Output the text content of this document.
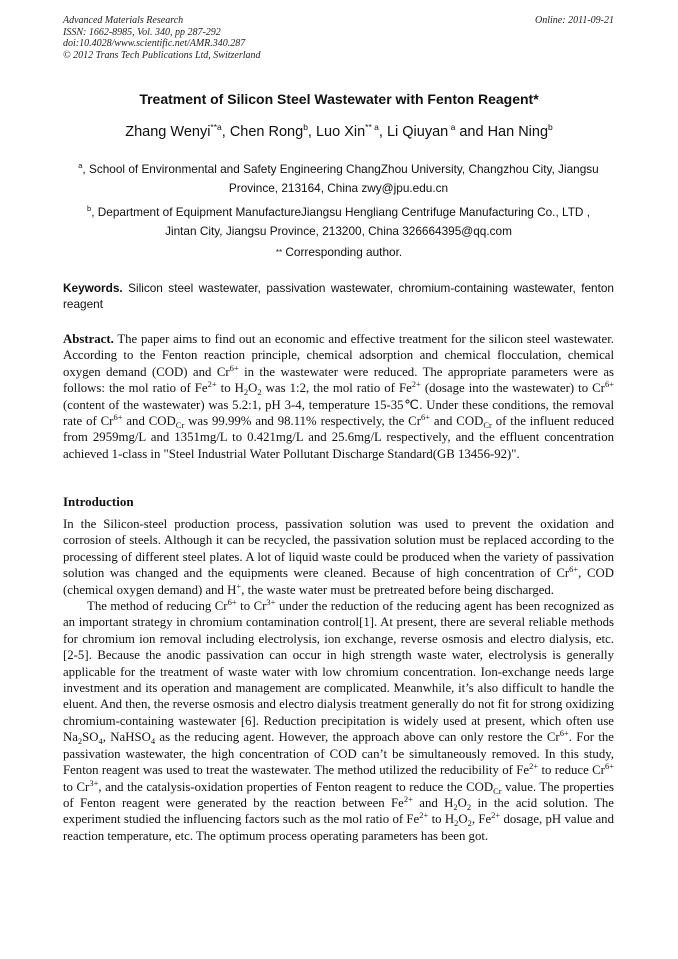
Advanced Materials Research
ISSN: 1662-8985, Vol. 340, pp 287-292
doi:10.4028/www.scientific.net/AMR.340.287
© 2012 Trans Tech Publications Ltd, Switzerland
Online: 2011-09-21
Treatment of Silicon Steel Wastewater with Fenton Reagent*
Zhang Wenyi$^{**a}$, Chen Rong$^b$, Luo Xin$^{** a}$, Li Qiuyan $^a$ and Han Ning$^b$
$^a$, School of Environmental and Safety Engineering ChangZhou University, Changzhou City, Jiangsu
Province, 213164, China zwy@jpu.edu.cn
$^b$, Department of Equipment ManufactureJiangsu Hengliang Centrifuge Manufacturing Co., LTD ,
Jintan City, Jiangsu Province, 213200, China 326664395@qq.com
** Corresponding author.
Keywords. Silicon steel wastewater, passivation wastewater, chromium-containing wastewater, fenton reagent

Abstract. The paper aims to find out an economic and effective treatment for the silicon steel wastewater. According to the Fenton reaction principle, chemical adsorption and chemical flocculation, chemical oxygen demand (COD) and $Cr^{6+}$ in the wastewater were reduced. The appropriate parameters were as follows: the mol ratio of $Fe^{2+}$ to $H_2O_2$ was 1:2, the mol ratio of $Fe^{2+}$ (dosage into the wastewater) to $Cr^{6+}$ (content of the wastewater) was 5.2:1, pH 3-4, temperature 15-35℃. Under these conditions, the removal rate of $Cr^{6+}$ and $COD_{Cr}$ was 99.99% and 98.11% respectively, the $Cr^{6+}$ and $COD_{Cr}$ of the influent reduced from 2959mg/L and 1351mg/L to 0.421mg/L and 25.6mg/L respectively, and the effluent concentration achieved 1-class in "Steel Industrial Water Pollutant Discharge Standard(GB 13456-92)".

Introduction

In the Silicon-steel production process, passivation solution was used to prevent the oxidation and corrosion of steels. Although it can be recycled, the passivation solution must be replaced according to the processing of different steel plates. A lot of liquid waste could be produced when the variety of passivation solution was changed and the equipments were cleaned. Because of high concentration of $Cr^{6+}$, COD (chemical oxygen demand) and H+, the waste water must be pretreated before being discharged.

The method of reducing $Cr^{6+}$ to $Cr^{3+}$ under the reduction of the reducing agent has been recognized as an important strategy in chromium contamination control[1]. At present, there are several reliable methods for chromium ion removal including electrolysis, ion exchange, reverse osmosis and electro dialysis, etc. [2-5]. Because the anodic passivation can occur in high strength waste water, electrolysis is generally applicable for the treatment of waste water with low chromium concentration. Ion-exchange needs large investment and its operation and management are complicated. Meanwhile, it’s also difficult to handle the eluent. And then, the reverse osmosis and electro dialysis treatment generally do not fit for strong oxidizing chromium-containing wastewater [6]. Reduction precipitation is widely used at present, which often use $Na_2SO_4$, NaHSO$_4$ as the reducing agent. However, the approach above can only restore the $Cr^{6+}$. For the passivation wastewater, the high concentration of COD can’t be simultaneously removed. In this study, Fenton reagent was used to treat the wastewater. The method utilized the reducibility of $Fe^{2+}$ to reduce $Cr^{6+}$ to $Cr^{3+}$, and the catalysis-oxidation properties of Fenton reagent to reduce the $COD_{Cr}$ value. The properties of Fenton reagent were generated by the reaction between $Fe^{2+}$ and $H_2O_2$ in the acid solution. The experiment studied the influencing factors such as the mol ratio of $Fe^{2+}$ to $H_2O_2$, $Fe^{2+}$ dosage, pH value and reaction temperature, etc. The optimum process operating parameters has been got.
